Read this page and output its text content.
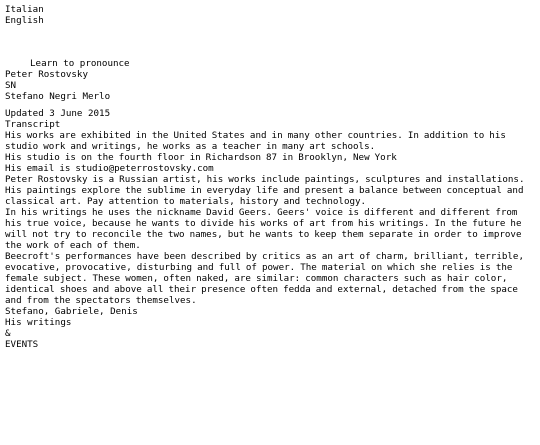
Italian
English
Learn to pronounce
Peter Rostovsky
SN
Stefano Negri Merlo
Updated 3 June 2015
Transcript

His works are exhibited in the United States and in many other countries. In addition to his studio work and writings, he works as a teacher in many art schools.

His studio is on the fourth floor in Richardson 87 in Brooklyn, New York

His email is studio@peterrostovsky.com

Peter Rostovsky is a Russian artist, his works include paintings, sculptures and installations. His paintings explore the sublime in everyday life and present a balance between conceptual and classical art. Pay attention to materials, history and technology.

In his writings he uses the nickname David Geers. Geers' voice is different and different from his true voice, because he wants to divide his works of art from his writings. In the future he will not try to reconcile the two names, but he wants to keep them separate in order to improve the work of each of them.

Beecroft's performances have been described by critics as an art of charm, brilliant, terrible, evocative, provocative, disturbing and full of power. The material on which she relies is the female subject. These women, often naked, are similar: common characters such as hair color, identical shoes and above all their presence often fedda and external, detached from the space and from the spectators themselves.

Stefano, Gabriele, Denis
His writings
&
EVENTS
